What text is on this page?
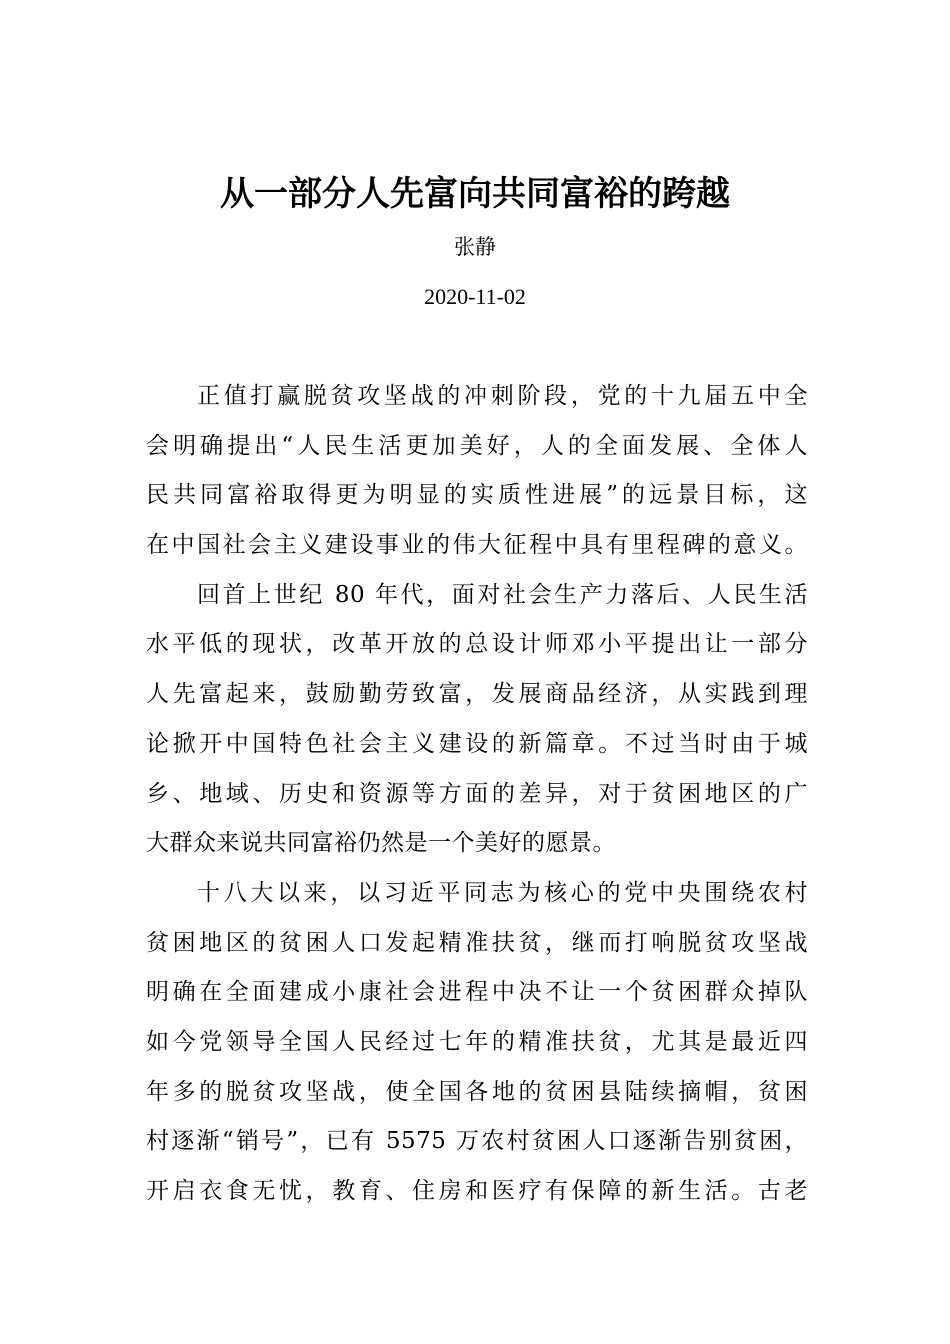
从一部分人先富向共同富裕的跨越
张静
2020-11-02
正值打赢脱贫攻坚战的冲刺阶段，党的十九届五中全
会明确提出“人民生活更加美好，人的全面发展、全体人
民共同富裕取得更为明显的实质性进展”的远景目标，这
在中国社会主义建设事业的伟大征程中具有里程碑的意义。
回首上世纪 80 年代，面对社会生产力落后、人民生活
水平低的现状，改革开放的总设计师邓小平提出让一部分
人先富起来，鼓励勤劳致富，发展商品经济，从实践到理
论掀开中国特色社会主义建设的新篇章。不过当时由于城
乡、地域、历史和资源等方面的差异，对于贫困地区的广
大群众来说共同富裕仍然是一个美好的愿景。
十八大以来，以习近平同志为核心的党中央围绕农村
贫困地区的贫困人口发起精准扶贫，继而打响脱贫攻坚战
明确在全面建成小康社会进程中决不让一个贫困群众掉队
如今党领导全国人民经过七年的精准扶贫，尤其是最近四
年多的脱贫攻坚战，使全国各地的贫困县陆续摘帽，贫困
村逐渐“销号”，已有 5575 万农村贫困人口逐渐告别贫困，
开启衣食无忧，教育、住房和医疗有保障的新生活。古老
